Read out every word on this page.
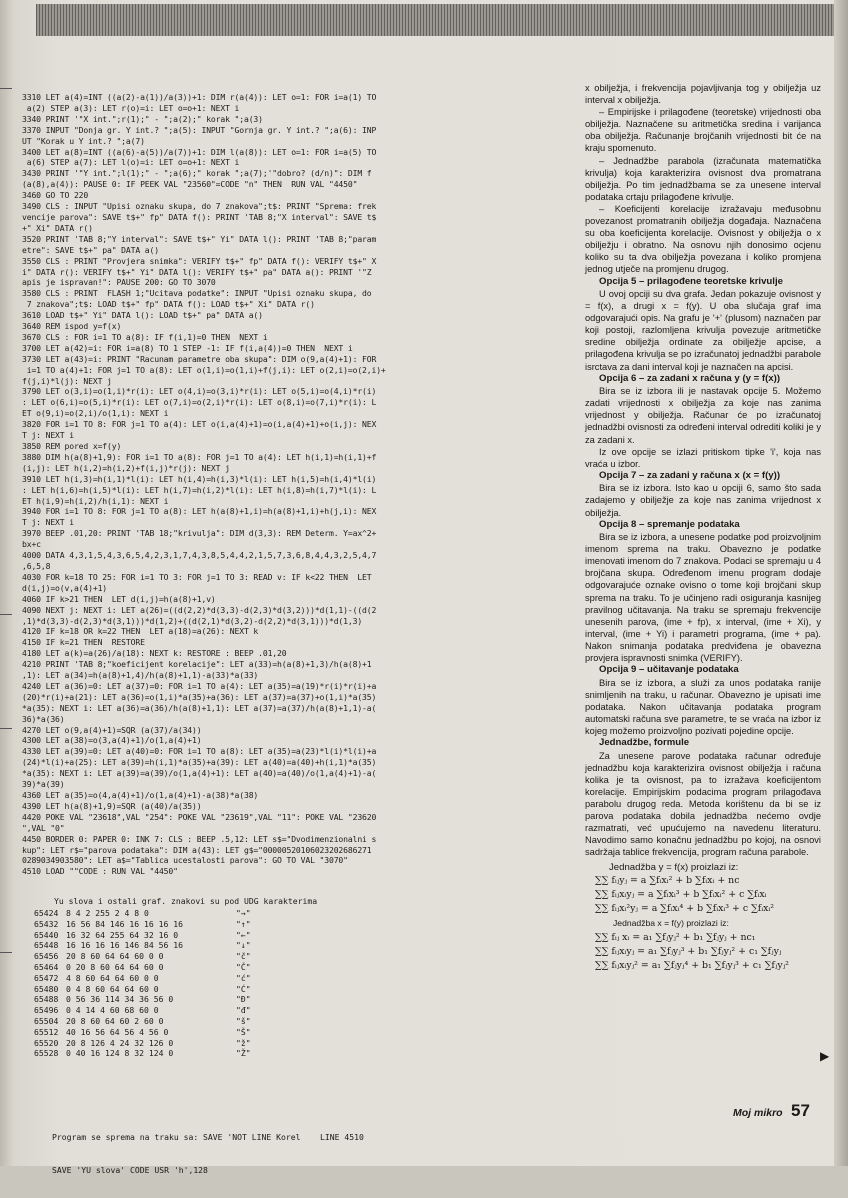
3310 LET a(4)=INT ((a(2)-a(1))/a(3))+1: DIM r(a(4)): LET o=1: FOR i=a(1) TO
a(2) STEP a(3): LET r(o)=i: LET o=o+1: NEXT i
3340 PRINT '"X int.";r(1);" - ";a(2);" korak ";a(3)
3370 INPUT "Donja gr. Y int.? ";a(5): INPUT "Gornja gr. Y int.? ";a(6): INP
UT "Korak u Y int.? ";a(7)
3400 LET a(8)=INT ((a(6)-a(5))/a(7))+1: DIM l(a(8)): LET o=1: FOR i=a(5) TO
a(6) STEP a(7): LET l(o)=i: LET o=o+1: NEXT i
3430 PRINT '"Y int.";l(1);" - ";a(6);" korak ";a(7);'"dobro? (d/n)": DIM f
(a(8),a(4)): PAUSE 0: IF PEEK VAL "23560"=CODE "n" THEN  RUN VAL "4450"
3460 GO TO 220
3490 CLS : INPUT "Upisi oznaku skupa, do 7 znakova";t$: PRINT "Sprema: frek
vencije parova": SAVE t$+" fp" DATA f(): PRINT 'TAB 8;"X interval": SAVE t$
+" Xi" DATA r()
3520 PRINT 'TAB 8;"Y interval": SAVE t$+" Yi" DATA l(): PRINT 'TAB 8;"param
etre": SAVE t$+" pa" DATA a()
3550 CLS : PRINT "Provjera snimka": VERIFY t$+" fp" DATA f(): VERIFY t$+" X
i" DATA r(): VERIFY t$+" Yi" DATA l(): VERIFY t$+" pa" DATA a(): PRINT '"Z
apis je ispravan!": PAUSE 200: GO TO 3070
3580 CLS : PRINT  FLASH 1;"Ucitava podatke": INPUT "Upisi oznaku skupa, do
7 znakova";t$: LOAD t$+" fp" DATA f(): LOAD t$+" Xi" DATA r()
3610 LOAD t$+" Yi" DATA l(): LOAD t$+" pa" DATA a()
3640 REM ispod y=f(x)
3670 CLS : FOR i=1 TO a(8): IF f(i,1)=0 THEN  NEXT i
3700 LET a(42)=i: FOR i=a(8) TO 1 STEP -1: IF f(i,a(4))=0 THEN  NEXT i
3730 LET a(43)=i: PRINT "Racunam parametre oba skupa": DIM o(9,a(4)+1): FOR
i=1 TO a(4)+1: FOR j=1 TO a(8): LET o(1,i)=o(1,i)+f(j,i): LET o(2,i)=o(2,i)+
f(j,i)*l(j): NEXT j
3790 LET o(3,i)=o(1,i)*r(i): LET o(4,i)=o(3,i)*r(i): LET o(5,i)=o(4,i)*r(i)
: LET o(6,i)=o(5,i)*r(i): LET o(7,i)=o(2,i)*r(i): LET o(8,i)=o(7,i)*r(i): L
ET o(9,i)=o(2,i)/o(1,i): NEXT i
3820 FOR i=1 TO 8: FOR j=1 TO a(4): LET o(i,a(4)+1)=o(i,a(4)+1)+o(i,j): NEX
T j: NEXT i
3850 REM pored x=f(y)
3880 DIM h(a(8)+1,9): FOR i=1 TO a(8): FOR j=1 TO a(4): LET h(i,1)=h(i,1)+f
(i,j): LET h(i,2)=h(i,2)+f(i,j)*r(j): NEXT j
3910 LET h(i,3)=h(i,1)*l(i): LET h(i,4)=h(i,3)*l(i): LET h(i,5)=h(i,4)*l(i)
: LET h(i,6)=h(i,5)*l(i): LET h(i,7)=h(i,2)*l(i): LET h(i,8)=h(i,7)*l(i): L
ET h(i,9)=h(i,2)/h(i,1): NEXT i
3940 FOR i=1 TO 8: FOR j=1 TO a(8): LET h(a(8)+1,i)=h(a(8)+1,i)+h(j,i): NEX
T j: NEXT i
3970 BEEP .01,20: PRINT 'TAB 18;"krivulja": DIM d(3,3): REM Determ. Y=ax^2+
bx+c
4000 DATA 4,3,1,5,4,3,6,5,4,2,3,1,7,4,3,8,5,4,4,2,1,5,7,3,6,8,4,4,3,2,5,4,7
,6,5,8
4030 FOR k=18 TO 25: FOR i=1 TO 3: FOR j=1 TO 3: READ v: IF k<22 THEN  LET
d(i,j)=o(v,a(4)+1)
4060 IF k>21 THEN  LET d(i,j)=h(a(8)+1,v)
4090 NEXT j: NEXT i: LET a(26)=((d(2,2)*d(3,3)-d(2,3)*d(3,2)))*d(1,1)-((d(2
,1)*d(3,3)-d(2,3)*d(3,1)))*d(1,2)+((d(2,1)*d(3,2)-d(2,2)*d(3,1)))*d(1,3)
4120 IF k=18 OR k=22 THEN  LET a(18)=a(26): NEXT k
4150 IF k=21 THEN  RESTORE
4180 LET a(k)=a(26)/a(18): NEXT k: RESTORE : BEEP .01,20
4210 PRINT 'TAB 8;"koeficijent korelacije": LET a(33)=h(a(8)+1,3)/h(a(8)+1
,1): LET a(34)=h(a(8)+1,4)/h(a(8)+1,1)-a(33)*a(33)
4240 LET a(36)=0: LET a(37)=0: FOR i=1 TO a(4): LET a(35)=a(19)*r(i)*r(i)+a
(20)*r(i)+a(21): LET a(36)=o(1,i)*a(35)+a(36): LET a(37)=a(37)+o(1,i)*a(35)
*a(35): NEXT i: LET a(36)=a(36)/h(a(8)+1,1): LET a(37)=a(37)/h(a(8)+1,1)-a(
36)*a(36)
4270 LET o(9,a(4)+1)=SQR (a(37)/a(34))
4300 LET a(38)=o(3,a(4)+1)/o(1,a(4)+1)
4330 LET a(39)=0: LET a(40)=0: FOR i=1 TO a(8): LET a(35)=a(23)*l(i)*l(i)+a
(24)*l(i)+a(25): LET a(39)=h(i,1)*a(35)+a(39): LET a(40)=a(40)+h(i,1)*a(35)
*a(35): NEXT i: LET a(39)=a(39)/o(1,a(4)+1): LET a(40)=a(40)/o(1,a(4)+1)-a(
39)*a(39)
4360 LET a(35)=o(4,a(4)+1)/o(1,a(4)+1)-a(38)*a(38)
4390 LET h(a(8)+1,9)=SQR (a(40)/a(35))
4420 POKE VAL "23618",VAL "254": POKE VAL "23619",VAL "11": POKE VAL "23620
",VAL "0"
4450 BORDER 0: PAPER 0: INK 7: CLS : BEEP .5,12: LET s$="Dvodimenzionalni s
kup": LET r$="parova podataka": DIM a(43): LET g$="00000520106023202686271
0289034903580": LET a$="Tablica ucestalosti parova": GO TO VAL "3070"
4510 LOAD ""CODE : RUN VAL "4450"
Yu slova i ostali graf. znakovi su pod UDG karakterima
65424 8 4 2 255 2 4 8 0	"→"
65432 16 56 84 146 16 16 16 16	"↑"
65440 16 32 64 255 64 32 16 0	"←"
65448 16 16 16 16 146 84 56 16	"↓"
65456 20 8 60 64 64 60 0 0	"č"
65464 0 20 8 60 64 64 60 0	"Č"
65472 4 8 60 64 64 60 0 0	"ć"
65480 0 4 8 60 64 64 60 0	"Ć"
65488 0 56 36 114 34 36 56 0	"Đ"
65496 0 4 14 4 60 68 60 0	"đ"
65504 20 8 60 64 60 2 60 0	"š"
65512 40 16 56 64 56 4 56 0	"Š"
65520 20 8 126 4 24 32 126 0	"ž"
65528 0 40 16 124 8 32 124 0	"Ž"

Program se sprema na traku sa: SAVE 'NOT LINE Korel    LINE 4510

SAVE 'YU slova' CODE USR 'h',128

x obilježja, i frekvencija pojavljivanja tog y obilježja uz interval x obilježja.

– Empirijske i prilagođene (teoretske) vrijednosti oba obilježja. Naznačene su aritmetička sredina i varijanca oba obilježja. Računanje brojčanih vrijednosti bit će na kraju spomenuto.

– Jednadžbe parabola (izračunata matematička krivulja) koja karakterizira ovisnost dva promatrana obilježja. Po tim jednadžbama se za unesene interval podataka crtaju prilagođene krivulje.

– Koeficijenti korelacije izražavaju međusobnu povezanost promatranih obilježja događaja. Naznačena su oba koeficijenta korelacije. Ovisnost y obilježja o x obilježju i obratno. Na osnovu njih donosimo ocjenu koliko su ta dva obilježja povezana i koliko promjena jednog utječe na promjenu drugog.

Opcija 5 – prilagođene teoretske krivulje

U ovoj opciji su dva grafa. Jedan pokazuje ovisnost y = f(x), a drugi x = f(y). U oba slučaja graf ima odgovarajući opis. Na grafu je '+' (plusom) naznačen par koji postoji, razlomljena krivulja povezuje aritmetičke sredine obilježja ordinate za obilježje apcise, a prilagođena krivulja se po izračunatoj jednadžbi parabole isrctava za dani interval koji je naznačen na apcisi.

Opcija 6 – za zadani x računa y (y = f(x))

Bira se iz izbora ili je nastavak opcije 5. Možemo zadati vrijednosti x obilježja za koje nas zanima vrijednost y obilježja. Računar će po izračunatoj jednadžbi ovisnosti za određeni interval odrediti koliki je y za zadani x.

Iz ove opcije se izlazi pritiskom tipke 'i', koja nas vraća u izbor.

Opcija 7 – za zadani y računa x (x = f(y))

Bira se iz izbora. Isto kao u opciji 6, samo što sada zadajemo y obilježje za koje nas zanima vrijednost x obilježja.

Opcija 8 – spremanje podataka

Bira se iz izbora, a unesene podatke pod proizvoljnim imenom sprema na traku. Obavezno je podatke imenovati imenom do 7 znakova. Podaci se spremaju u 4 brojčana skupa. Određenom imenu program dodaje odgovarajuće oznake ovisno o tome koji brojčani skup sprema na traku. To je učinjeno radi osiguranja kasnijeg pravilnog učitavanja. Na traku se spremaju frekvencije unesenih parova, (ime + fp), x interval, (ime + Xi), y interval, (ime + Yi) i parametri programa, (ime + pa). Nakon snimanja podataka predviđena je obavezna provjera ispravnosti snimka (VERIFY).

Opcija 9 – učitavanje podataka

Bira se iz izbora, a služi za unos podataka ranije snimljenih na traku, u računar. Obavezno je upisati ime podataka. Nakon učitavanja podataka program automatski računa sve parametre, te se vraća na izbor iz kojeg možemo proizvoljno pozivati pojedine opcije.

Jednadžbe, formule

Za unesene parove podataka računar određuje jednadžbu koja karakterizira ovisnost obilježja i računa kolika je ta ovisnost, pa to izražava koeficijentom korelacije. Empirijskim podacima program prilagođava parabolu drugog reda. Metoda korištenu da bi se iz parova podataka dobila jednadžba nećemo ovdje razmatrati, već upućujemo na navedenu literaturu. Navodimo samo konačnu jednadžbu po kojoj, na osnovi sadržaja tablice frekvencija, program računa parabole.

Jednadžba y = f(x) proizlazi iz:
∑∑ fᵢⱼyⱼ = a ∑fᵢxᵢ² + b ∑fᵢxᵢ + nc
∑∑ fᵢⱼxᵢyⱼ = a ∑fᵢxᵢ³ + b ∑fᵢxᵢ² + c ∑fᵢxᵢ
∑∑ fᵢⱼxᵢ²yⱼ = a ∑fᵢxᵢ⁴ + b ∑fᵢxᵢ³ + c ∑fᵢxᵢ²
Jednadžba x = f(y) proizlazi iz:
∑∑ fᵢⱼ xᵢ = a₁ ∑fⱼyⱼ² + b₁ ∑fⱼyⱼ + nc₁
∑∑ fᵢⱼxᵢyⱼ = a₁ ∑fⱼyⱼ³ + b₁ ∑fⱼyⱼ² + c₁ ∑fⱼyⱼ
∑∑ fᵢⱼxᵢyⱼ² = a₁ ∑fⱼyⱼ⁴ + b₁ ∑fⱼyⱼ³ + c₁ ∑fⱼyⱼ²
▶
Moj mikro 57
